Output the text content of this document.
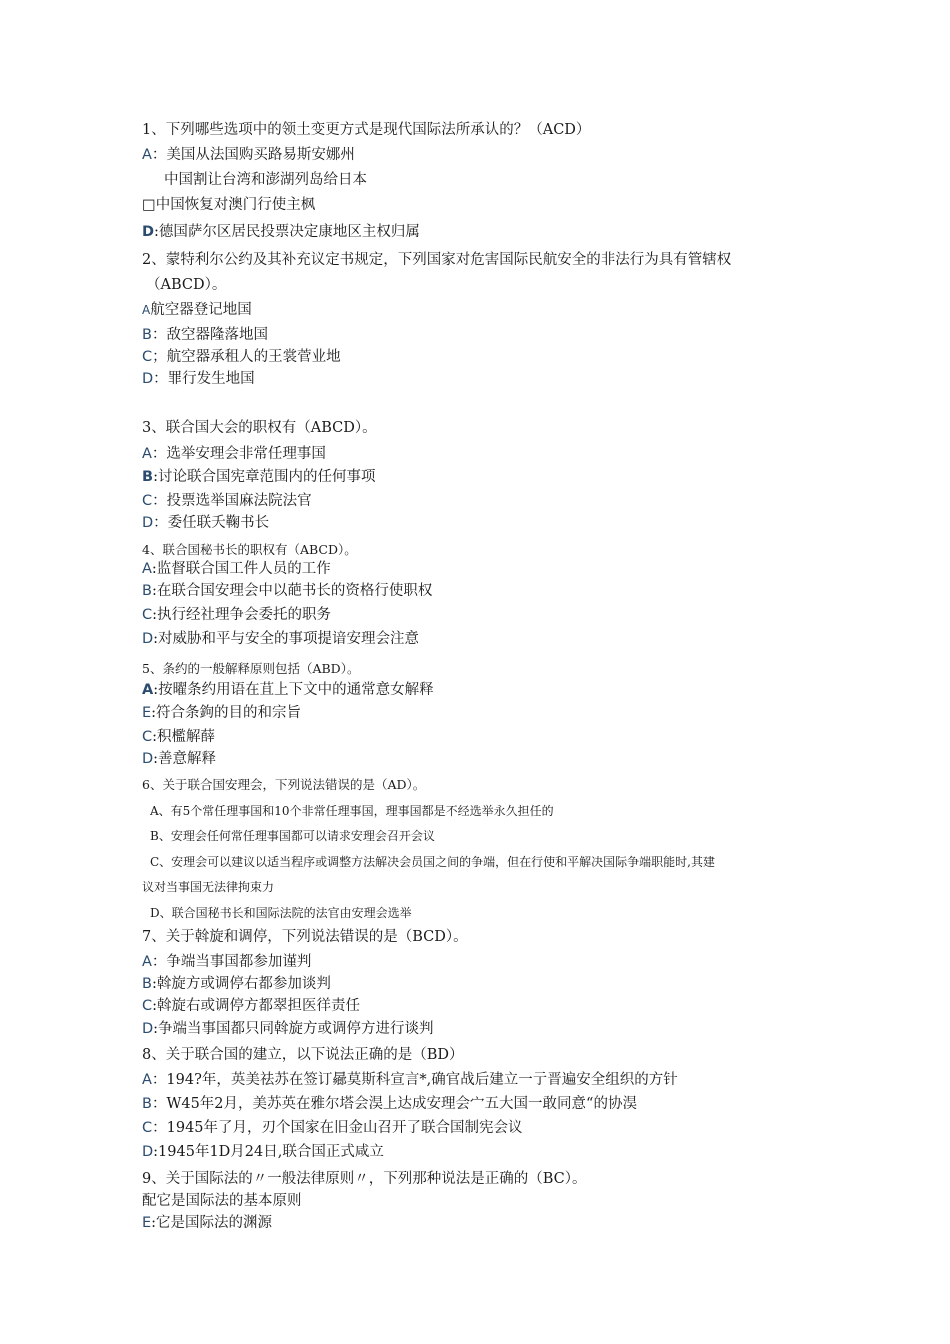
1、下列哪些选项中的领土变更方式是现代国际法所承认的？（ACD）
A：美国从法国购买路易斯安娜州
中国割让台湾和澎湖列岛给日本
□中国恢复对澳门行使主枫
D:德国萨尔区居民投票决定康地区主权归属
2、蒙特利尔公约及其补充议定书规定，下列国家对危害国际民航安全的非法行为具有管辖权
（ABCD）。
A航空器登记地国
B：敌空器隆落地国
C；航空器承租人的王裳菅业地
D：罪行发生地国
3、联合国大会的职权有（ABCD）。
A：选举安理会非常任理事国
B:讨论联合国宪章范围内的任何事项
C：投票选举国麻法院法官
D：委任联夭鞠书长
4、联合国秘书长的职权有（ABCD）。
A:监督联合国工件人员的工作
B:在联合国安理会中以葩书长的资格行使职权
C:执行经社理争会委托的职务
D:对威胁和平与安全的事项提谙安理会注意
5、条约的一般解释原则包括（ABD）。
A:按曜条约用语在苴上下文中的通常意女解释
E:符合条鉤的目的和宗旨
C:积檻解薛
D:善意解释
6、关于联合国安理会，下列说法错误的是（AD）。
A、有5个常任理事国和10个非常任理事国，理事国都是不经选举永久担任的
B、安理会任何常任理事国都可以请求安理会召开会议
C、安理会可以建议以适当程序或调整方法解决会员国之间的争端，但在行使和平解决国际争端职能时,其建
议对当事国无法律拘束力
D、联合国秘书长和国际法院的法官由安理会选举
7、关于斡旋和调停，下列说法错误的是（BCD）。
A：争端当事国都参加谨判
B:斡旋方或调停右都参加谈判
C:斡旋右或调停方都翠担医徉责任
D:争端当事国都只同斡旋方或调停方进行谈判
8、关于联合国的建立，以下说法正确的是（BD）
A：194?年，英美祛苏在签订曏莫斯科宣言*,确官战后建立一亍晋遍安全组织的方针
B：W45年2月，美苏英在雅尔塔会淏上达成安理会宀五大国一敢同意“的协淏
C：1945年了月，刃个国家在旧金山召开了联合国制宪会议
D:1945年1D月24日,联合国正式咸立
9、关于国际法的〃一般法律原则〃，下列那种说法是正确的（BC）。
配它是国际法的基本原则
E:它是国际法的渊源
